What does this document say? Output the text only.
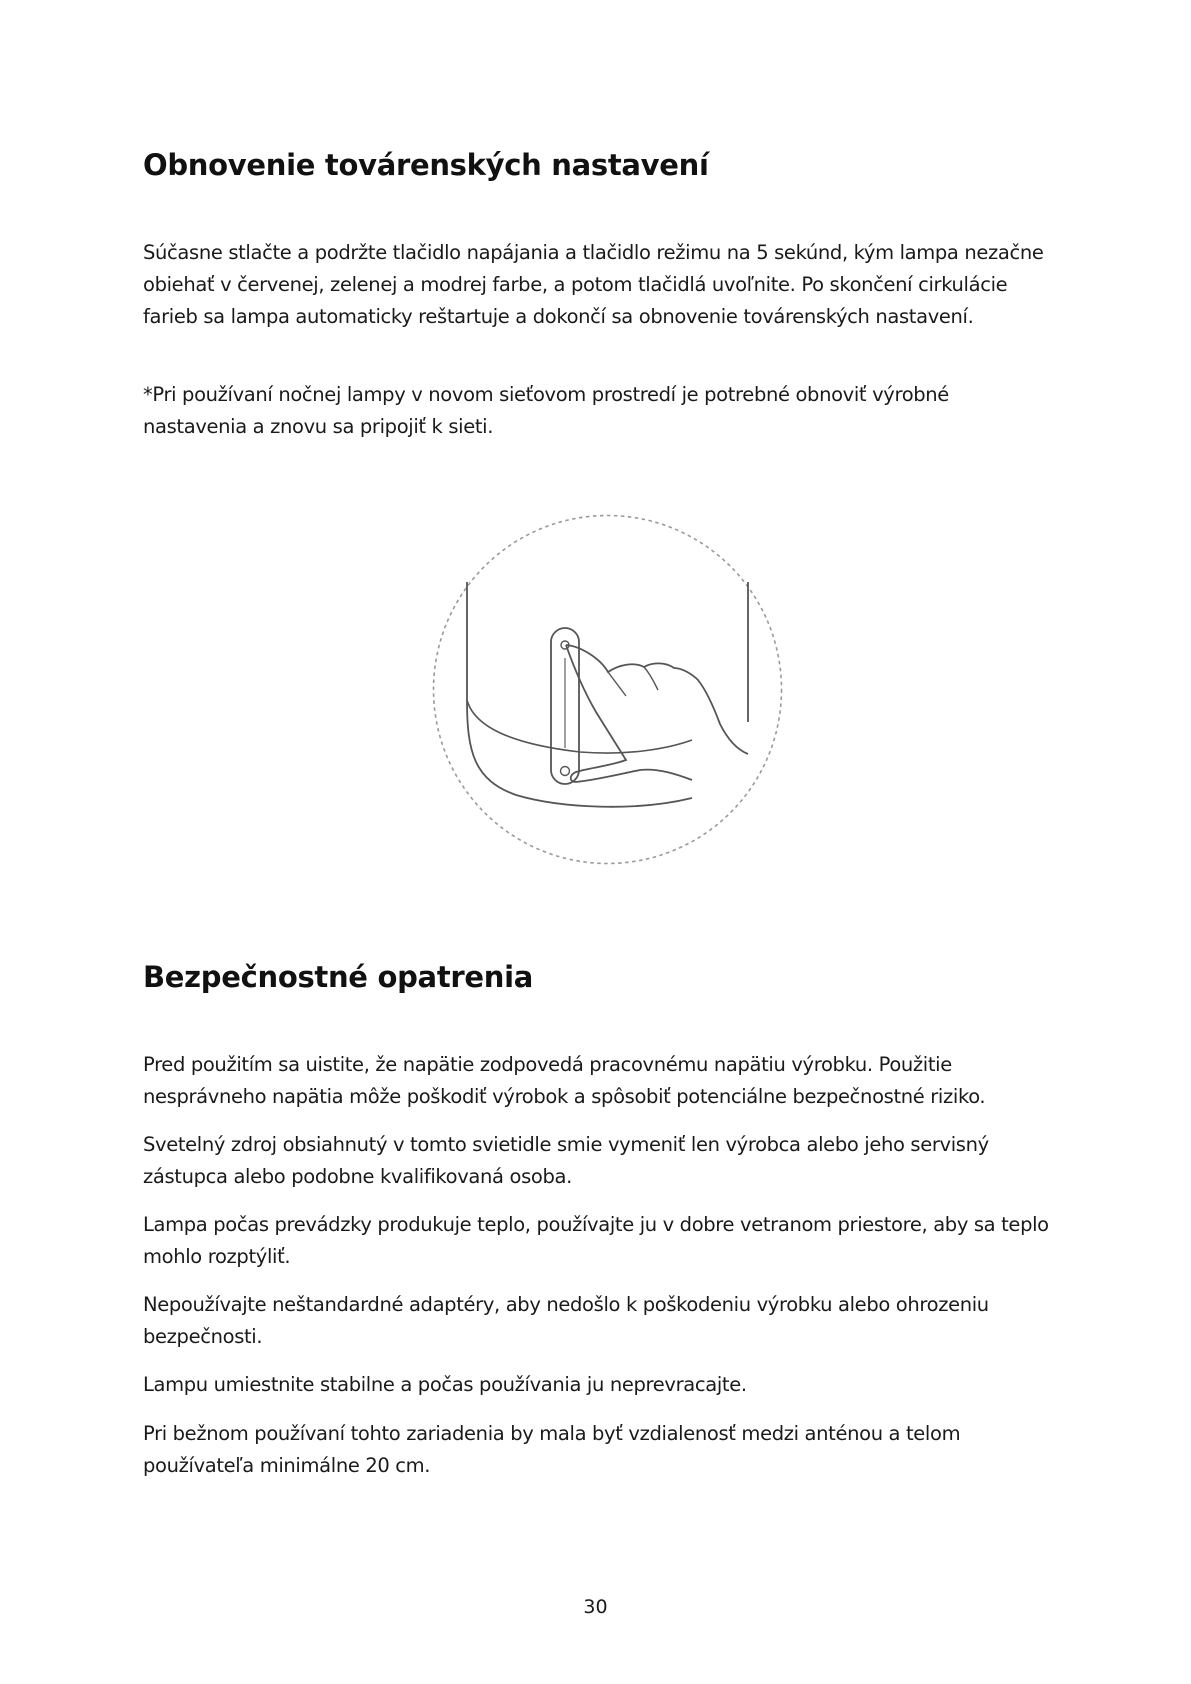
Obnovenie továrenských nastavení

Súčasne stlačte a podržte tlačidlo napájania a tlačidlo režimu na 5 sekúnd, kým lampa nezačne obiehať v červenej, zelenej a modrej farbe, a potom tlačidlá uvoľnite. Po skončení cirkulácie farieb sa lampa automaticky reštartuje a dokončí sa obnovenie továrenských nastavení.

*Pri používaní nočnej lampy v novom sieťovom prostredí je potrebné obnoviť výrobné nastavenia a znovu sa pripojiť k sieti.

Bezpečnostné opatrenia

Pred použitím sa uistite, že napätie zodpovedá pracovnému napätiu výrobku. Použitie nesprávneho napätia môže poškodiť výrobok a spôsobiť potenciálne bezpečnostné riziko.

Svetelný zdroj obsiahnutý v tomto svietidle smie vymeniť len výrobca alebo jeho servisný zástupca alebo podobne kvalifikovaná osoba.

Lampa počas prevádzky produkuje teplo, používajte ju v dobre vetranom priestore, aby sa teplo mohlo rozptýliť.

Nepoužívajte neštandardné adaptéry, aby nedošlo k poškodeniu výrobku alebo ohrozeniu bezpečnosti.

Lampu umiestnite stabilne a počas používania ju neprevracajte.

Pri bežnom používaní tohto zariadenia by mala byť vzdialenosť medzi anténou a telom používateľa minimálne 20 cm.

30
